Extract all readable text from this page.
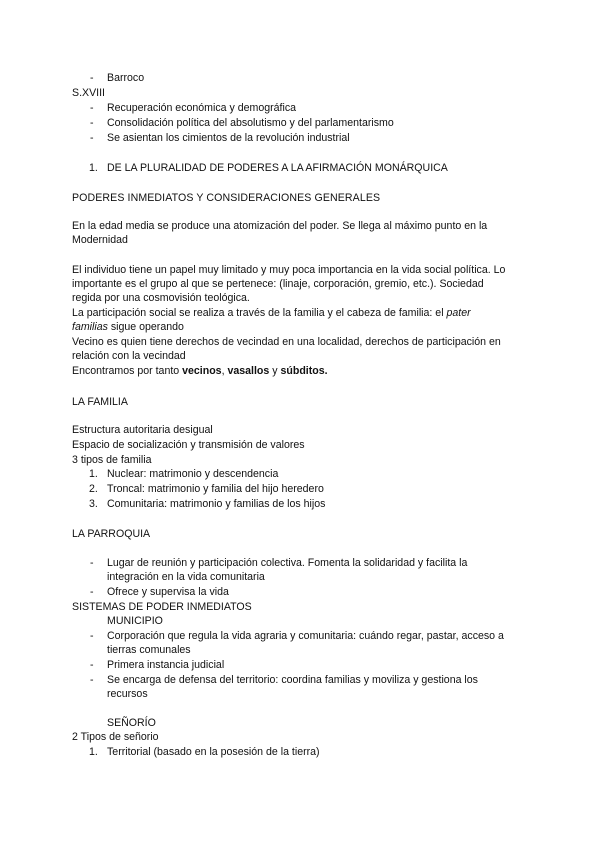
- Barroco
S.XVIII
- Recuperación económica y demográfica
- Consolidación política del absolutismo y del parlamentarismo
- Se asientan los cimientos de la revolución industrial
1. DE LA PLURALIDAD DE PODERES A LA AFIRMACIÓN MONÁRQUICA
PODERES INMEDIATOS Y CONSIDERACIONES GENERALES
En la edad media se produce una atomización del poder. Se llega al máximo punto en la
Modernidad
El individuo tiene un papel muy limitado y muy poca importancia en la vida social política. Lo
importante es el grupo al que se pertenece: (linaje, corporación, gremio, etc.). Sociedad
regida por una cosmovisión teológica.
La participación social se realiza a través de la familia y el cabeza de familia: el pater
familias sigue operando
Vecino es quien tiene derechos de vecindad en una localidad, derechos de participación en
relación con la vecindad
Encontramos por tanto vecinos, vasallos y súbditos.
LA FAMILIA
Estructura autoritaria desigual
Espacio de socialización y transmisión de valores
3 tipos de familia
1. Nuclear: matrimonio y descendencia
2. Troncal: matrimonio y familia del hijo heredero
3. Comunitaria: matrimonio y familias de los hijos
LA PARROQUIA
- Lugar de reunión y participación colectiva. Fomenta la solidaridad y facilita la
integración en la vida comunitaria
- Ofrece y supervisa la vida
SISTEMAS DE PODER INMEDIATOS
MUNICIPIO
- Corporación que regula la vida agraria y comunitaria: cuándo regar, pastar, acceso a
tierras comunales
- Primera instancia judicial
- Se encarga de defensa del territorio: coordina familias y moviliza y gestiona los
recursos
SEÑORÍO
2 Tipos de señorio
1. Territorial (basado en la posesión de la tierra)
